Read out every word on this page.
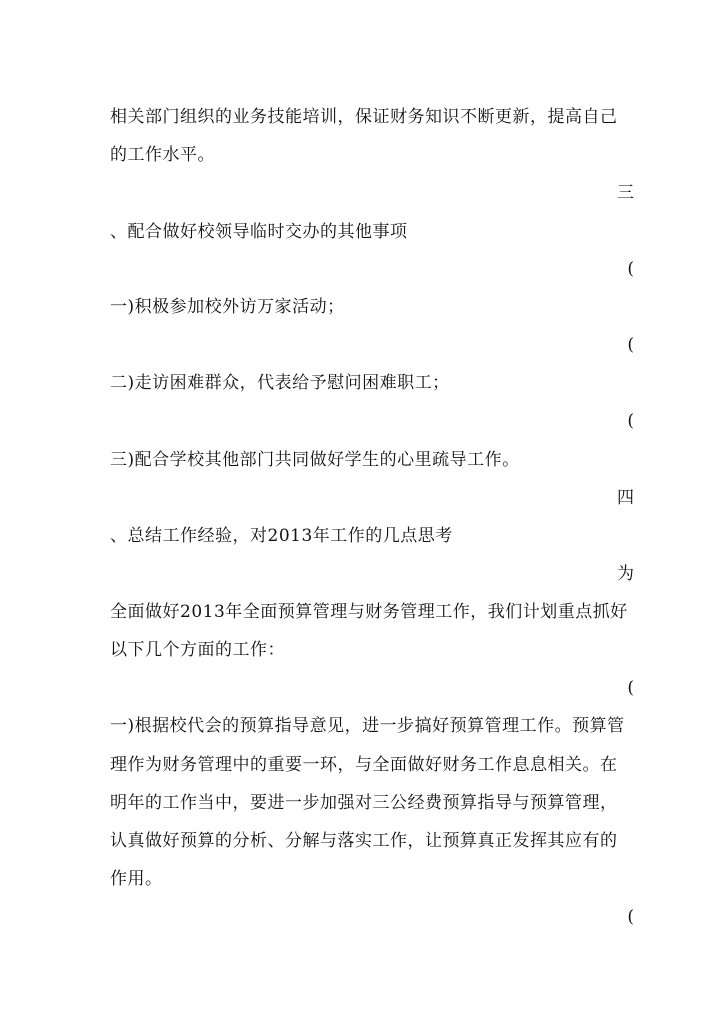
相关部门组织的业务技能培训，保证财务知识不断更新，提高自己
的工作水平。
三
、配合做好校领导临时交办的其他事项
(
一)积极参加校外访万家活动；
(
二)走访困难群众，代表给予慰问困难职工；
(
三)配合学校其他部门共同做好学生的心里疏导工作。
四
、总结工作经验，对2013年工作的几点思考
为
全面做好2013年全面预算管理与财务管理工作，我们计划重点抓好
以下几个方面的工作：
(
一)根据校代会的预算指导意见，进一步搞好预算管理工作。预算管
理作为财务管理中的重要一环，与全面做好财务工作息息相关。在
明年的工作当中，要进一步加强对三公经费预算指导与预算管理，
认真做好预算的分析、分解与落实工作，让预算真正发挥其应有的
作用。
(
